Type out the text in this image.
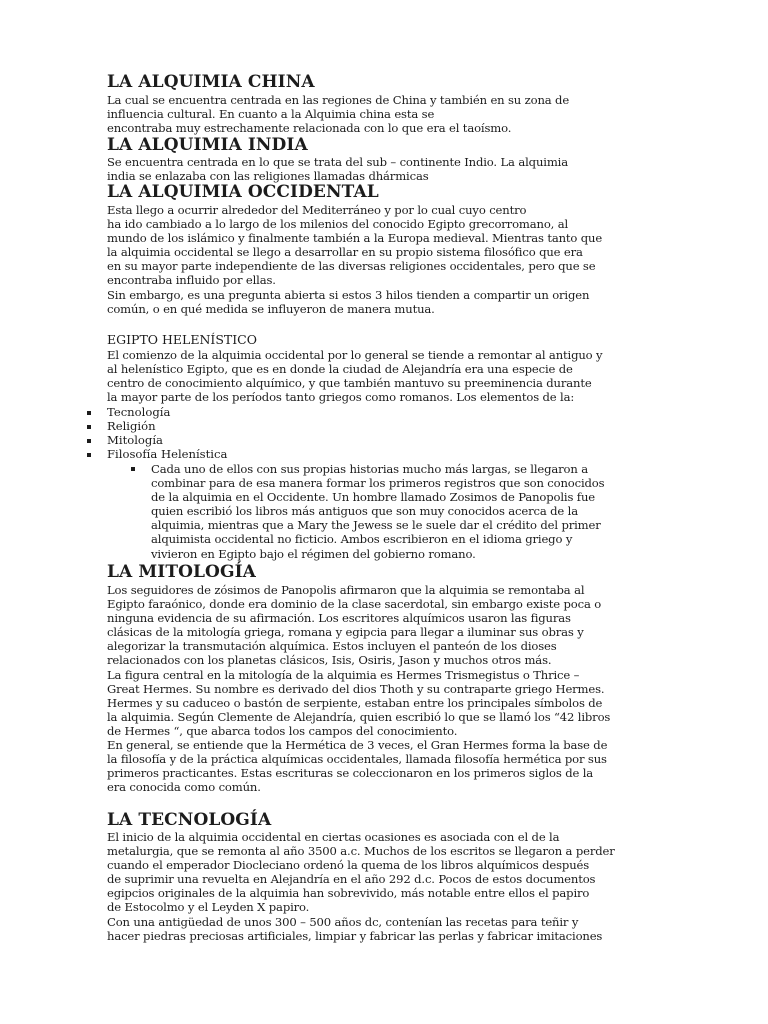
LA ALQUIMIA CHINA
La cual se encuentra centrada en las regiones de China y también en su zona de
influencia cultural. En cuanto a la Alquimia china esta se
encontraba muy estrechamente relacionada con lo que era el taoísmo.
LA ALQUIMIA INDIA
Se encuentra centrada en lo que se trata del sub – continente Indio. La alquimia
india se enlazaba con las religiones llamadas dhármicas
LA ALQUIMIA OCCIDENTAL
Esta llego a ocurrir alrededor del Mediterráneo y por lo cual cuyo centro
ha ido cambiado a lo largo de los milenios del conocido Egipto grecorromano, al
mundo de los islámico y finalmente también a la Europa medieval. Mientras tanto que
la alquimia occidental se llego a desarrollar en su propio sistema filosófico que era
en su mayor parte independiente de las diversas religiones occidentales, pero que se
encontraba influido por ellas.
Sin embargo, es una pregunta abierta si estos 3 hilos tienden a compartir un origen
común, o en qué medida se influyeron de manera mutua.
EGIPTO HELENÍSTICO
El comienzo de la alquimia occidental por lo general se tiende a remontar al antiguo y
al helenístico Egipto, que es en donde la ciudad de Alejandría era una especie de
centro de conocimiento alquímico, y que también mantuvo su preeminencia durante
la mayor parte de los períodos tanto griegos como romanos. Los elementos de la:
Tecnología
Religión
Mitología
Filosofía Helenística
Cada uno de ellos con sus propias historias mucho más largas, se llegaron a
combinar para de esa manera formar los primeros registros que son conocidos
de la alquimia en el Occidente. Un hombre llamado Zosimos de Panopolis fue
quien escribió los libros más antiguos que son muy conocidos acerca de la
alquimia, mientras que a Mary the Jewess se le suele dar el crédito del primer
alquimista occidental no ficticio. Ambos escribieron en el idioma griego y
vivieron en Egipto bajo el régimen del gobierno romano.
LA MITOLOGÍA
Los seguidores de zósimos de Panopolis afirmaron que la alquimia se remontaba al
Egipto faraónico, donde era dominio de la clase sacerdotal, sin embargo existe poca o
ninguna evidencia de su afirmación. Los escritores alquímicos usaron las figuras
clásicas de la mitología griega, romana y egipcia para llegar a iluminar sus obras y
alegorizar la transmutación alquímica. Estos incluyen el panteón de los dioses
relacionados con los planetas clásicos, Isis, Osiris, Jason y muchos otros más.
La figura central en la mitología de la alquimia es Hermes Trismegistus o Thrice –
Great Hermes. Su nombre es derivado del dios Thoth y su contraparte griego Hermes.
Hermes y su caduceo o bastón de serpiente, estaban entre los principales símbolos de
la alquimia. Según Clemente de Alejandría, quien escribió lo que se llamó los “42 libros
de Hermes “, que abarca todos los campos del conocimiento.
En general, se entiende que la Hermética de 3 veces, el Gran Hermes forma la base de
la filosofía y de la práctica alquímicas occidentales, llamada filosofía hermética por sus
primeros practicantes. Estas escrituras se coleccionaron en los primeros siglos de la
era conocida como común.
LA TECNOLOGÍA
El inicio de la alquimia occidental en ciertas ocasiones es asociada con el de la
metalurgia, que se remonta al año 3500 a.c. Muchos de los escritos se llegaron a perder
cuando el emperador Diocleciano ordenó la quema de los libros alquímicos después
de suprimir una revuelta en Alejandría en el año 292 d.c. Pocos de estos documentos
egipcios originales de la alquimia han sobrevivido, más notable entre ellos el papiro
de Estocolmo y el Leyden X papiro.
Con una antigüedad de unos 300 – 500 años dc, contenían las recetas para teñir y
hacer piedras preciosas artificiales, limpiar y fabricar las perlas y fabricar imitaciones
